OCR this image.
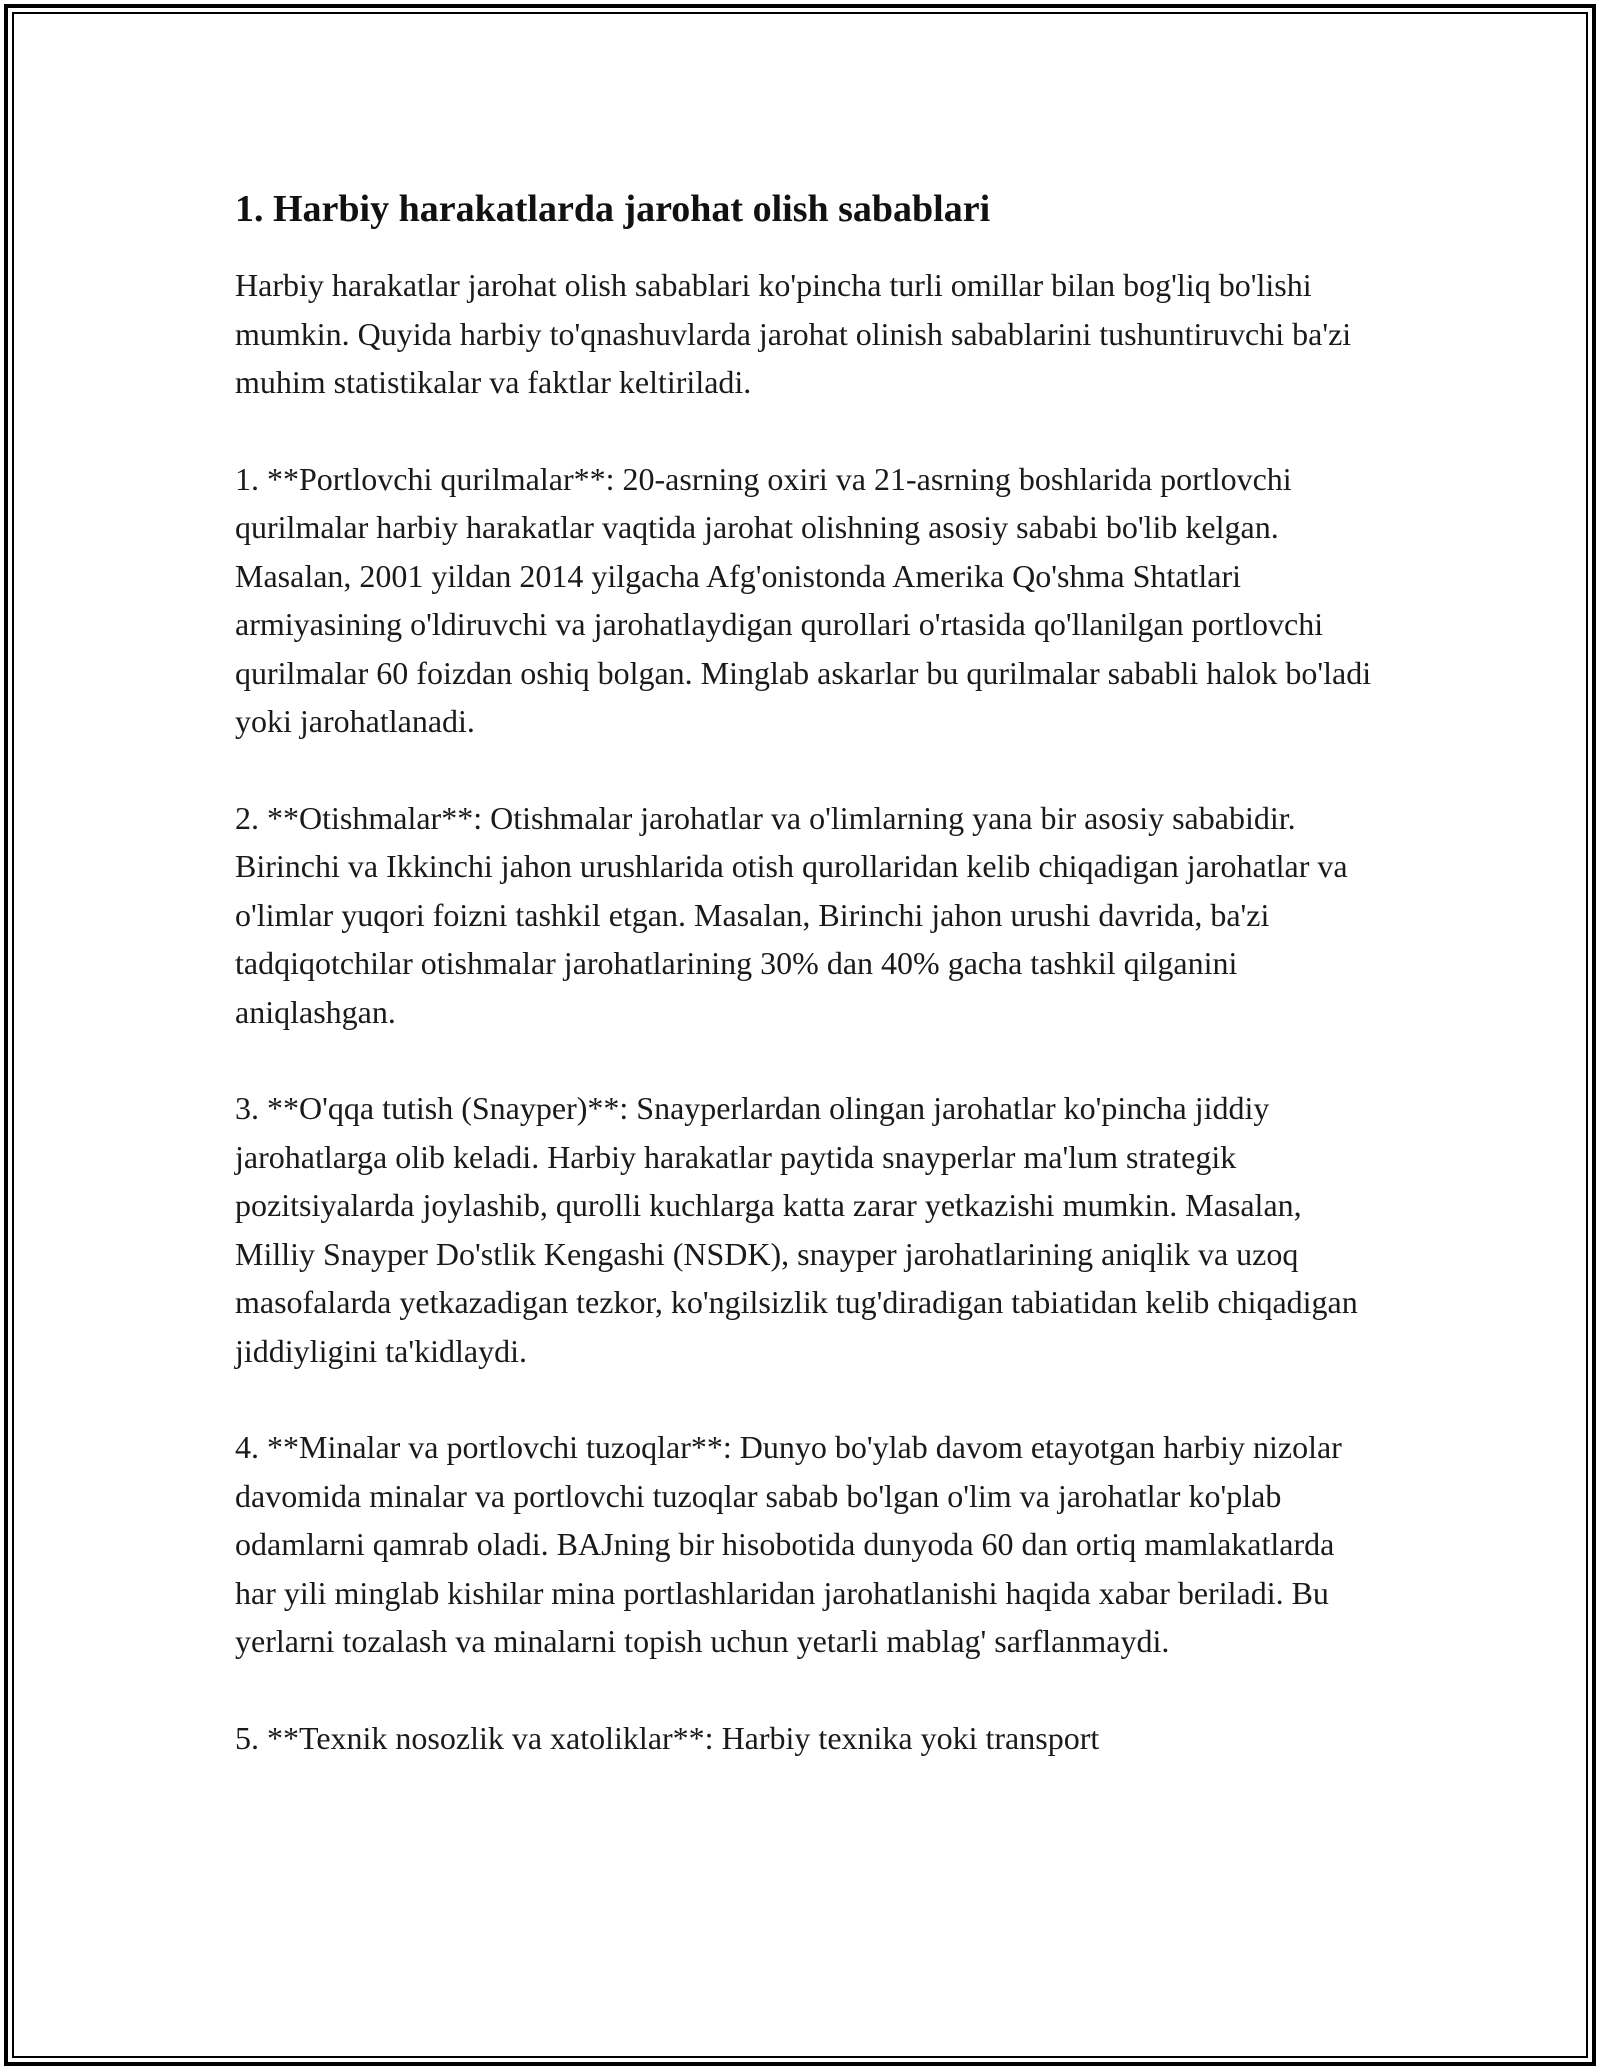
1. Harbiy harakatlarda jarohat olish sabablari

Harbiy harakatlar jarohat olish sabablari ko'pincha turli omillar bilan bog'liq bo'lishi mumkin. Quyida harbiy to'qnashuvlarda jarohat olinish sabablarini tushuntiruvchi ba'zi muhim statistikalar va faktlar keltiriladi.

1. **Portlovchi qurilmalar**: 20-asrning oxiri va 21-asrning boshlarida portlovchi qurilmalar harbiy harakatlar vaqtida jarohat olishning asosiy sababi bo'lib kelgan. Masalan, 2001 yildan 2014 yilgacha Afg'onistonda Amerika Qo'shma Shtatlari armiyasining o'ldiruvchi va jarohatlaydigan qurollari o'rtasida qo'llanilgan portlovchi qurilmalar 60 foizdan oshiq bolgan. Minglab askarlar bu qurilmalar sababli halok bo'ladi yoki jarohatlanadi.

2. **Otishmalar**: Otishmalar jarohatlar va o'limlarning yana bir asosiy sababidir. Birinchi va Ikkinchi jahon urushlarida otish qurollaridan kelib chiqadigan jarohatlar va o'limlar yuqori foizni tashkil etgan. Masalan, Birinchi jahon urushi davrida, ba'zi tadqiqotchilar otishmalar jarohatlarining 30% dan 40% gacha tashkil qilganini aniqlashgan.

3. **O'qqa tutish (Snayper)**: Snayperlardan olingan jarohatlar ko'pincha jiddiy jarohatlarga olib keladi. Harbiy harakatlar paytida snayperlar ma'lum strategik pozitsiyalarda joylashib, qurolli kuchlarga katta zarar yetkazishi mumkin. Masalan, Milliy Snayper Do'stlik Kengashi (NSDK), snayper jarohatlarining aniqlik va uzoq masofalarda yetkazadigan tezkor, ko'ngilsizlik tug'diradigan tabiatidan kelib chiqadigan jiddiyligini ta'kidlaydi.

4. **Minalar va portlovchi tuzoqlar**: Dunyo bo'ylab davom etayotgan harbiy nizolar davomida minalar va portlovchi tuzoqlar sabab bo'lgan o'lim va jarohatlar ko'plab odamlarni qamrab oladi. BAJning bir hisobotida dunyoda 60 dan ortiq mamlakatlarda har yili minglab kishilar mina portlashlaridan jarohatlanishi haqida xabar beriladi. Bu yerlarni tozalash va minalarni topish uchun yetarli mablag' sarflanmaydi.

5. **Texnik nosozlik va xatoliklar**: Harbiy texnika yoki transport
